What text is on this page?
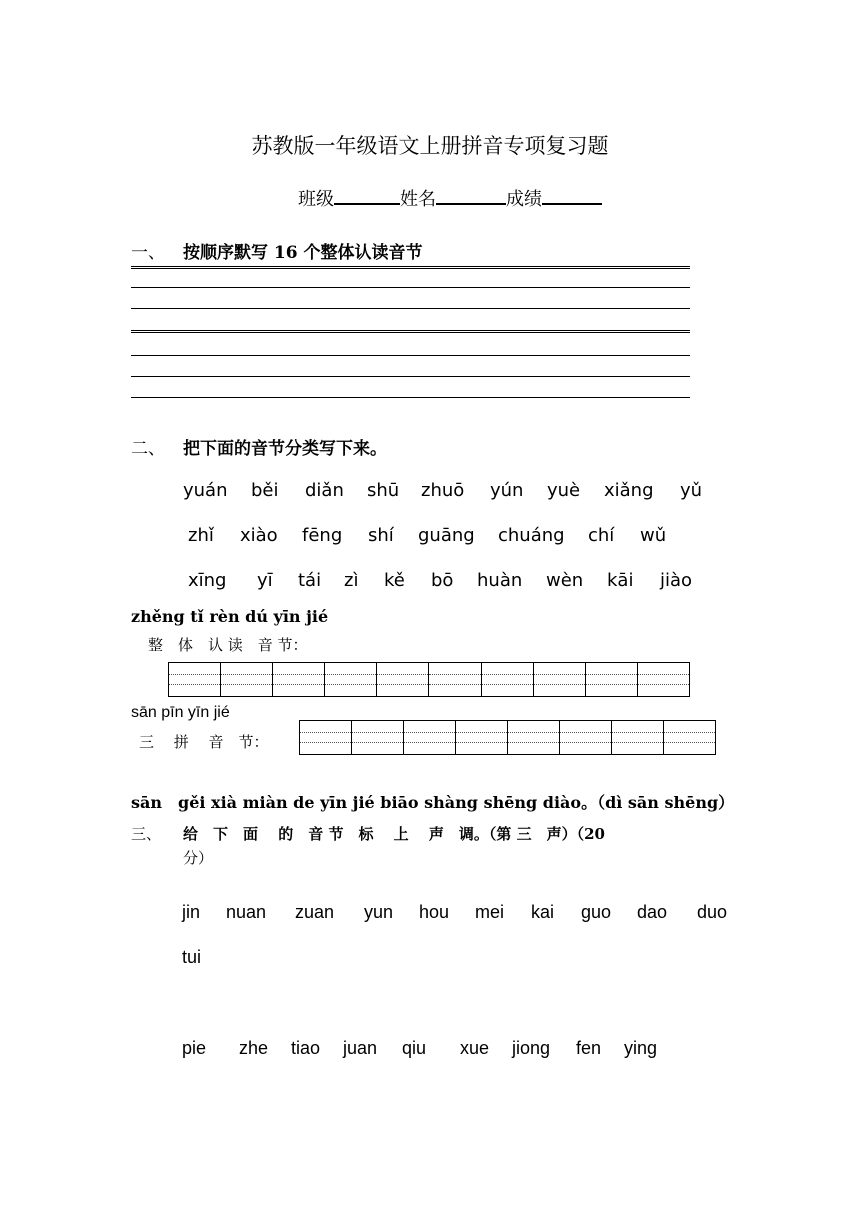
苏教版一年级语文上册拼音专项复习题
班级	姓名	成绩
一、 按顺序默写 16 个整体认读音节
二、 把下面的音节分类写下来。
yuán běi diǎn shū zhuō yún yuè xiǎng yǔ
zhǐ xiào fēng shí guāng chuáng chí wǔ
xīng yī tái zì kě bō huàn wèn kāi jiào
zhěng tǐ rèn dú yīn jié
整　体　认 读　音 节：
sān pīn yīn jié
三　 拼　 音　节：
sān　gěi xià miàn de yīn jié biāo shàng shēng diào。（dì sān shēng）
三、 给　下　面　 的　音 节　标　 上　 声　调。（第 三　声）（20
分）
jin nuan zuan yun hou mei kai guo dao duo
tui
pie zhe tiao juan qiu xue jiong fen ying
